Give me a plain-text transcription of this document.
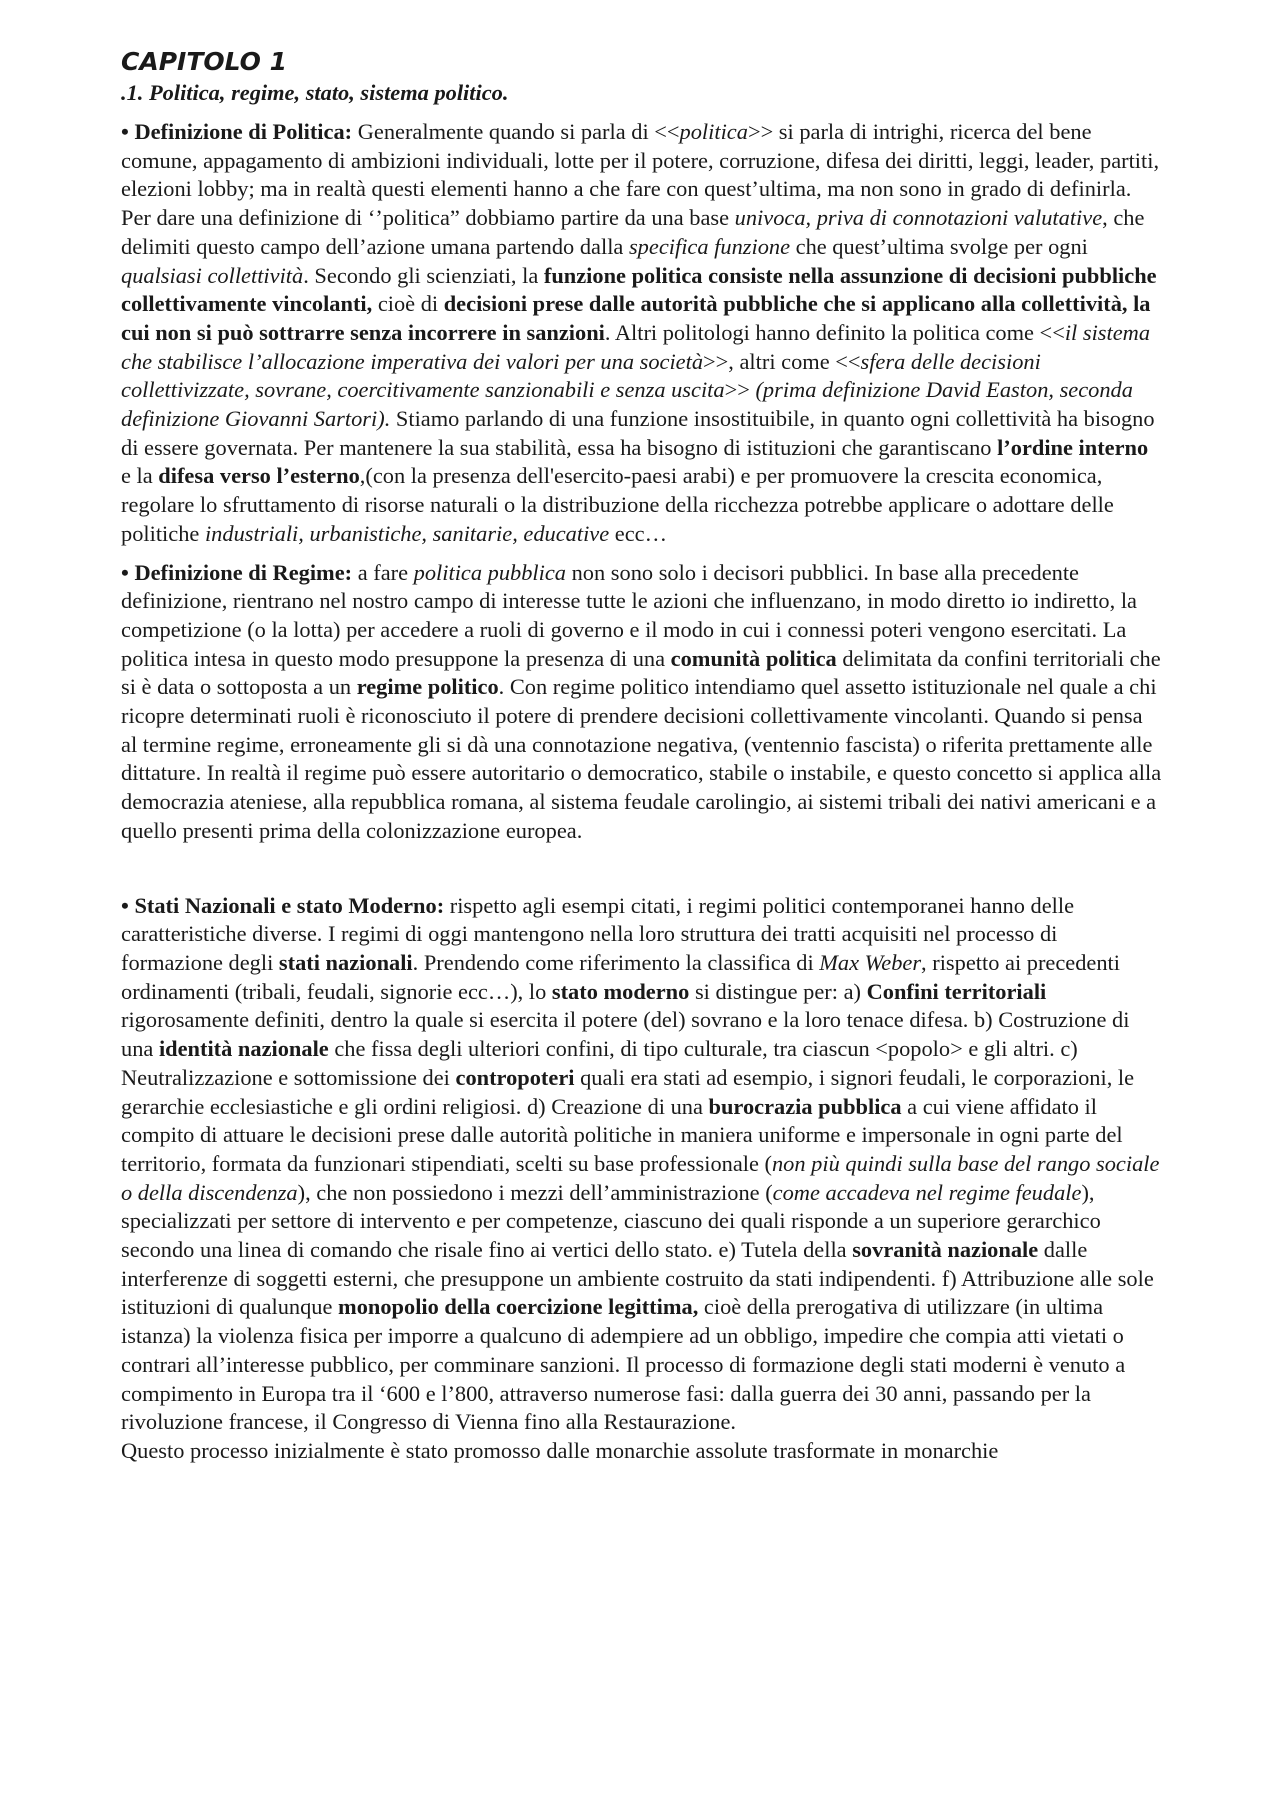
CAPITOLO 1
.1. Politica, regime, stato, sistema politico.

• Definizione di Politica: Generalmente quando si parla di <<politica>> si parla di intrighi, ricerca del bene comune, appagamento di ambizioni individuali, lotte per il potere, corruzione, difesa dei diritti, leggi, leader, partiti, elezioni lobby; ma in realtà questi elementi hanno a che fare con quest’ultima, ma non sono in grado di definirla. Per dare una definizione di ‘’politica” dobbiamo partire da una base univoca, priva di connotazioni valutative, che delimiti questo campo dell’azione umana partendo dalla specifica funzione che quest’ultima svolge per ogni qualsiasi collettività. Secondo gli scienziati, la funzione politica consiste nella assunzione di decisioni pubbliche collettivamente vincolanti, cioè di decisioni prese dalle autorità pubbliche che si applicano alla collettività, la cui non si può sottrarre senza incorrere in sanzioni. Altri politologi hanno definito la politica come <<il sistema che stabilisce l’allocazione imperativa dei valori per una società>>, altri come <<sfera delle decisioni collettivizzate, sovrane, coercitivamente sanzionabili e senza uscita>> (prima definizione David Easton, seconda definizione Giovanni Sartori). Stiamo parlando di una funzione insostituibile, in quanto ogni collettività ha bisogno di essere governata. Per mantenere la sua stabilità, essa ha bisogno di istituzioni che garantiscano l’ordine interno e la difesa verso l’esterno,(con la presenza dell'esercito-paesi arabi) e per promuovere la crescita economica, regolare lo sfruttamento di risorse naturali o la distribuzione della ricchezza potrebbe applicare o adottare delle politiche industriali, urbanistiche, sanitarie, educative ecc…

• Definizione di Regime: a fare politica pubblica non sono solo i decisori pubblici. In base alla precedente definizione, rientrano nel nostro campo di interesse tutte le azioni che influenzano, in modo diretto io indiretto, la competizione (o la lotta) per accedere a ruoli di governo e il modo in cui i connessi poteri vengono esercitati. La politica intesa in questo modo presuppone la presenza di una comunità politica delimitata da confini territoriali che si è data o sottoposta a un regime politico. Con regime politico intendiamo quel assetto istituzionale nel quale a chi ricopre determinati ruoli è riconosciuto il potere di prendere decisioni collettivamente vincolanti. Quando si pensa al termine regime, erroneamente gli si dà una connotazione negativa, (ventennio fascista) o riferita prettamente alle dittature. In realtà il regime può essere autoritario o democratico, stabile o instabile, e questo concetto si applica alla democrazia ateniese, alla repubblica romana, al sistema feudale carolingio, ai sistemi tribali dei nativi americani e a quello presenti prima della colonizzazione europea.

• Stati Nazionali e stato Moderno: rispetto agli esempi citati, i regimi politici contemporanei hanno delle caratteristiche diverse. I regimi di oggi mantengono nella loro struttura dei tratti acquisiti nel processo di formazione degli stati nazionali. Prendendo come riferimento la classifica di Max Weber, rispetto ai precedenti ordinamenti (tribali, feudali, signorie ecc…), lo stato moderno si distingue per: a) Confini territoriali rigorosamente definiti, dentro la quale si esercita il potere (del) sovrano e la loro tenace difesa. b) Costruzione di una identità nazionale che fissa degli ulteriori confini, di tipo culturale, tra ciascun <popolo> e gli altri. c) Neutralizzazione e sottomissione dei contropoteri quali era stati ad esempio, i signori feudali, le corporazioni, le gerarchie ecclesiastiche e gli ordini religiosi. d) Creazione di una burocrazia pubblica a cui viene affidato il compito di attuare le decisioni prese dalle autorità politiche in maniera uniforme e impersonale in ogni parte del territorio, formata da funzionari stipendiati, scelti su base professionale (non più quindi sulla base del rango sociale o della discendenza), che non possiedono i mezzi dell’amministrazione (come accadeva nel regime feudale), specializzati per settore di intervento e per competenze, ciascuno dei quali risponde a un superiore gerarchico secondo una linea di comando che risale fino ai vertici dello stato. e) Tutela della sovranità nazionale dalle interferenze di soggetti esterni, che presuppone un ambiente costruito da stati indipendenti. f) Attribuzione alle sole istituzioni di qualunque monopolio della coercizione legittima, cioè della prerogativa di utilizzare (in ultima istanza) la violenza fisica per imporre a qualcuno di adempiere ad un obbligo, impedire che compia atti vietati o contrari all’interesse pubblico, per comminare sanzioni. Il processo di formazione degli stati moderni è venuto a compimento in Europa tra il ‘600 e l’800, attraverso numerose fasi: dalla guerra dei 30 anni, passando per la rivoluzione francese, il Congresso di Vienna fino alla Restaurazione.
Questo processo inizialmente è stato promosso dalle monarchie assolute trasformate in monarchie
